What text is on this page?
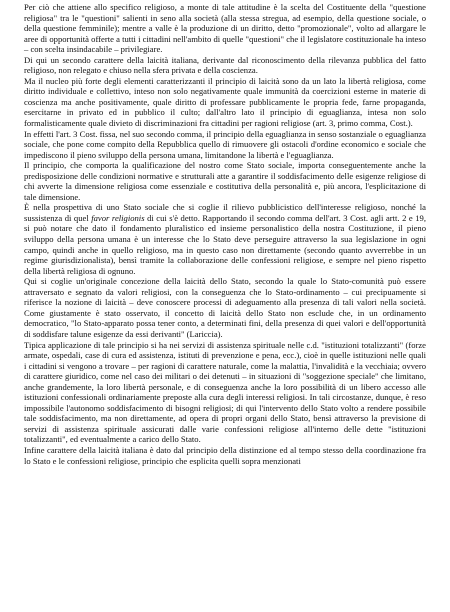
Per ciò che attiene allo specifico religioso, a monte di tale attitudine è la scelta del Costituente della "questione religiosa" tra le "questioni" salienti in seno alla società (alla stessa stregua, ad esempio, della questione sociale, o della questione femminile); mentre a valle è la produzione di un diritto, detto "promozionale", volto ad allargare le aree di opportunità offerte a tutti i cittadini nell'ambito di quelle "questioni" che il legislatore costituzionale ha inteso – con scelta insindacabile – privilegiare.

Di qui un secondo carattere della laicità italiana, derivante dal riconoscimento della rilevanza pubblica del fatto religioso, non relegato e chiuso nella sfera privata e della coscienza.

Ma il nucleo più forte degli elementi caratterizzanti il principio di laicità sono da un lato la libertà religiosa, come diritto individuale e collettivo, inteso non solo negativamente quale immunità da coercizioni esterne in materie di coscienza ma anche positivamente, quale diritto di professare pubblicamente le propria fede, farne propaganda, esercitarne in privato ed in pubblico il culto; dall'altro lato il principio di eguaglianza, intesa non solo formalisticamente quale divieto di discriminazioni fra cittadini per ragioni religiose (art. 3, primo comma, Cost.).

In effetti l'art. 3 Cost. fissa, nel suo secondo comma, il principio della eguaglianza in senso sostanziale o eguaglianza sociale, che pone come compito della Repubblica quello di rimuovere gli ostacoli d'ordine economico e sociale che impediscono il pieno sviluppo della persona umana, limitandone la libertà e l'eguaglianza.

Il principio, che comporta la qualificazione del nostro come Stato sociale, importa conseguentemente anche la predisposizione delle condizioni normative e strutturali atte a garantire il soddisfacimento delle esigenze religiose di chi avverte la dimensione religiosa come essenziale e costitutiva della personalità e, più ancora, l'esplicitazione di tale dimensione.

È nella prospettiva di uno Stato sociale che si coglie il rilievo pubblicistico dell'interesse religioso, nonché la sussistenza di quel favor religionis di cui s'è detto. Rapportando il secondo comma dell'art. 3 Cost. agli artt. 2 e 19, si può notare che dato il fondamento pluralistico ed insieme personalistico della nostra Costituzione, il pieno sviluppo della persona umana è un interesse che lo Stato deve perseguire attraverso la sua legislazione in ogni campo, quindi anche in quello religioso, ma in questo caso non direttamente (secondo quanto avverrebbe in un regime giurisdizionalista), bensì tramite la collaborazione delle confessioni religiose, e sempre nel pieno rispetto della libertà religiosa di ognuno.

Qui si coglie un'originale concezione della laicità dello Stato, secondo la quale lo Stato-comunità può essere attraversato e segnato da valori religiosi, con la conseguenza che lo Stato-ordinamento – cui precipuamente si riferisce la nozione di laicità – deve conoscere processi di adeguamento alla presenza di tali valori nella società. Come giustamente è stato osservato, il concetto di laicità dello Stato non esclude che, in un ordinamento democratico, "lo Stato-apparato possa tener conto, a determinati fini, della presenza di quei valori e dell'opportunità di soddisfare talune esigenze da essi derivanti" (Lariccia).

Tipica applicazione di tale principio si ha nei servizi di assistenza spirituale nelle c.d. "istituzioni totalizzanti" (forze armate, ospedali, case di cura ed assistenza, istituti di prevenzione e pena, ecc.), cioè in quelle istituzioni nelle quali i cittadini si vengono a trovare – per ragioni di carattere naturale, come la malattia, l'invalidità e la vecchiaia; ovvero di carattere giuridico, come nel caso dei militari o dei detenuti – in situazioni di "soggezione speciale" che limitano, anche grandemente, la loro libertà personale, e di conseguenza anche la loro possibilità di un libero accesso alle istituzioni confessionali ordinariamente preposte alla cura degli interessi religiosi. In tali circostanze, dunque, è reso impossibile l'autonomo soddisfacimento di bisogni religiosi; di qui l'intervento dello Stato volto a rendere possibile tale soddisfacimento, ma non direttamente, ad opera di propri organi dello Stato, bensì attraverso la previsione di servizi di assistenza spirituale assicurati dalle varie confessioni religiose all'interno delle dette "istituzioni totalizzanti", ed eventualmente a carico dello Stato.

Infine carattere della laicità italiana è dato dal principio della distinzione ed al tempo stesso della coordinazione fra lo Stato e le confessioni religiose, principio che esplicita quelli sopra menzionati
